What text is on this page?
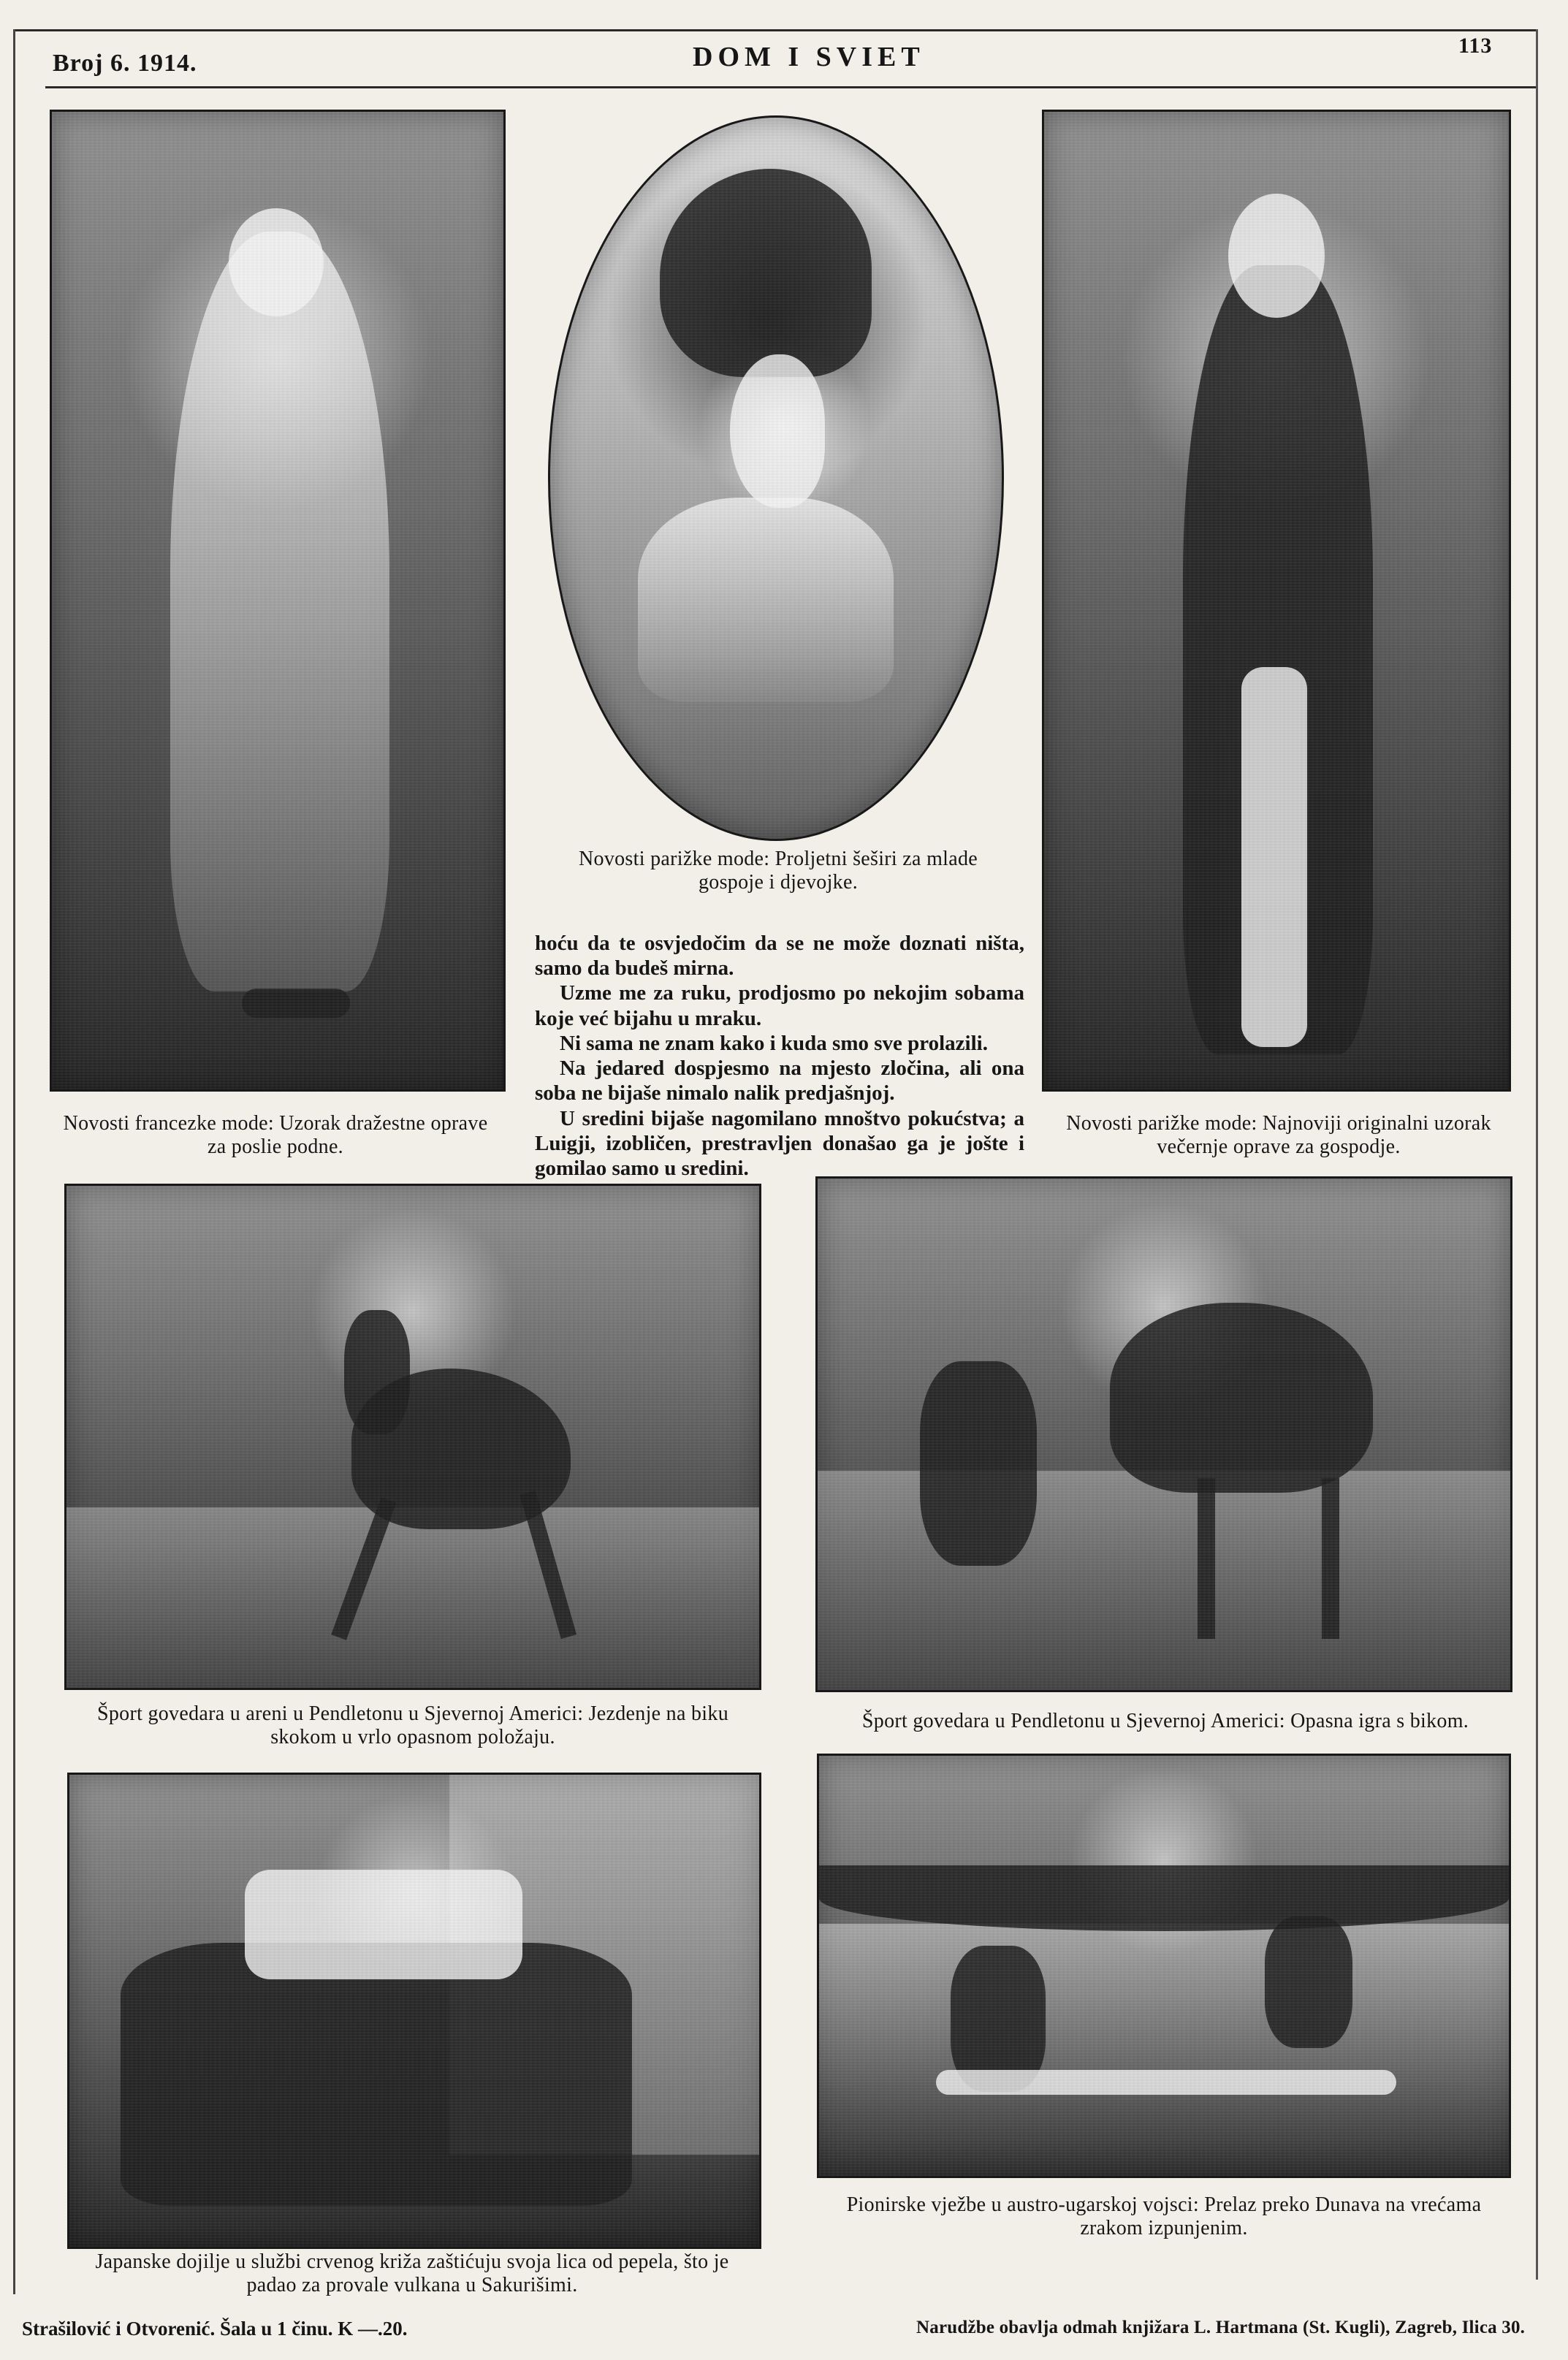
Broj 6. 1914.	DOM I SVIET	113
Novosti francezke mode: Uzorak dražestne oprave za poslie podne.
Novosti parižke mode: Proljetni šeširi za mlade gospoje i djevojke.
Novosti parižke mode: Najnoviji originalni uzorak večernje oprave za gospodje.

hoću da te osvjedočim da se ne može doznati ništa, samo da budeš mirna.

Uzme me za ruku, prodjosmo po nekojim sobama koje već bijahu u mraku.

Ni sama ne znam kako i kuda smo sve prolazili.

Na jedared dospjesmo na mjesto zločina, ali ona soba ne bijaše nimalo nalik predjašnjoj.

U sredini bijaše nagomilano mnoštvo pokućstva; a Luigji, izobličen, prestravljen donašao ga je jošte i gomilao samo u sredini.

Šport govedara u areni u Pendletonu u Sjevernoj Americi: Jezdenje na biku skokom u vrlo opasnom položaju.
Šport govedara u Pendletonu u Sjevernoj Americi: Opasna igra s bikom.
Japanske dojilje u službi crvenog križa zaštićuju svoja lica od pepela, što je padao za provale vulkana u Sakurišimi.
Pionirske vježbe u austro-ugarskoj vojsci: Prelaz preko Dunava na vrećama zrakom izpunjenim.
Strašilović i Otvorenić. Šala u 1 činu. K —.20.	Narudžbe obavlja odmah knjižara L. Hartmana (St. Kugli), Zagreb, Ilica 30.
